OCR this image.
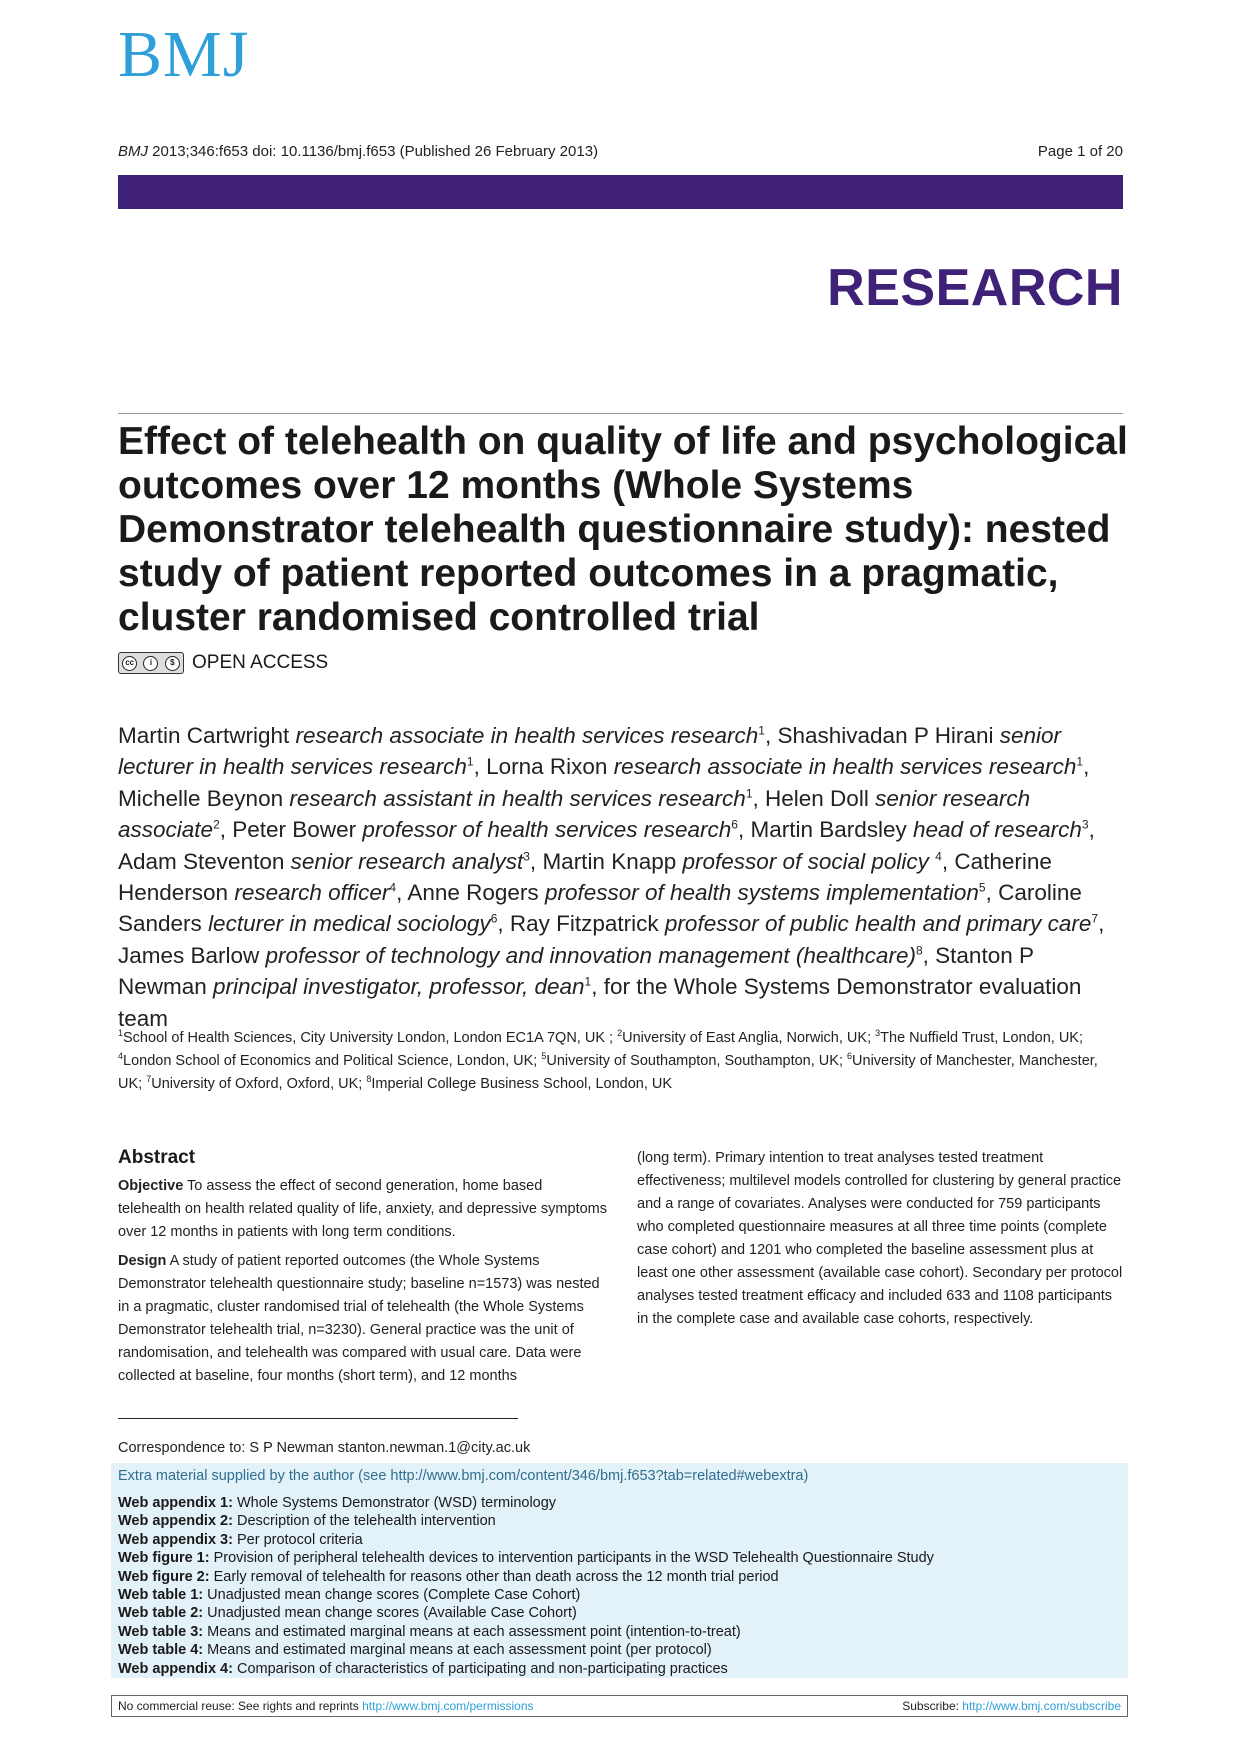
BMJ
BMJ 2013;346:f653 doi: 10.1136/bmj.f653 (Published 26 February 2013)	Page 1 of 20
RESEARCH
Effect of telehealth on quality of life and psychological outcomes over 12 months (Whole Systems Demonstrator telehealth questionnaire study): nested study of patient reported outcomes in a pragmatic, cluster randomised controlled trial
cc	i	$ OPEN ACCESS
Martin Cartwright research associate in health services research$^1$, Shashivadan P Hirani senior lecturer in health services research$^1$, Lorna Rixon research associate in health services research$^1$, Michelle Beynon research assistant in health services research$^1$, Helen Doll senior research associate$^2$, Peter Bower professor of health services research$^6$, Martin Bardsley head of research$^3$, Adam Steventon senior research analyst$^3$, Martin Knapp professor of social policy $^4$, Catherine Henderson research officer$^4$, Anne Rogers professor of health systems implementation$^5$, Caroline Sanders lecturer in medical sociology$^6$, Ray Fitzpatrick professor of public health and primary care$^7$, James Barlow professor of technology and innovation management (healthcare)$^8$, Stanton P Newman principal investigator, professor, dean$^1$, for the Whole Systems Demonstrator evaluation team
$^1$School of Health Sciences, City University London, London EC1A 7QN, UK ; $^2$University of East Anglia, Norwich, UK; $^3$The Nuffield Trust, London, UK; $^4$London School of Economics and Political Science, London, UK; $^5$University of Southampton, Southampton, UK; $^6$University of Manchester, Manchester, UK; $^7$University of Oxford, Oxford, UK; $^8$Imperial College Business School, London, UK
Abstract

Objective To assess the effect of second generation, home based telehealth on health related quality of life, anxiety, and depressive symptoms over 12 months in patients with long term conditions.

Design A study of patient reported outcomes (the Whole Systems Demonstrator telehealth questionnaire study; baseline n=1573) was nested in a pragmatic, cluster randomised trial of telehealth (the Whole Systems Demonstrator telehealth trial, n=3230). General practice was the unit of randomisation, and telehealth was compared with usual care. Data were collected at baseline, four months (short term), and 12 months

(long term). Primary intention to treat analyses tested treatment effectiveness; multilevel models controlled for clustering by general practice and a range of covariates. Analyses were conducted for 759 participants who completed questionnaire measures at all three time points (complete case cohort) and 1201 who completed the baseline assessment plus at least one other assessment (available case cohort). Secondary per protocol analyses tested treatment efficacy and included 633 and 1108 participants in the complete case and available case cohorts, respectively.

Correspondence to: S P Newman stanton.newman.1@city.ac.uk
Extra material supplied by the author (see http://www.bmj.com/content/346/bmj.f653?tab=related#webextra)
Web appendix 1: Whole Systems Demonstrator (WSD) terminology
Web appendix 2: Description of the telehealth intervention
Web appendix 3: Per protocol criteria
Web figure 1: Provision of peripheral telehealth devices to intervention participants in the WSD Telehealth Questionnaire Study
Web figure 2: Early removal of telehealth for reasons other than death across the 12 month trial period
Web table 1: Unadjusted mean change scores (Complete Case Cohort)
Web table 2: Unadjusted mean change scores (Available Case Cohort)
Web table 3: Means and estimated marginal means at each assessment point (intention-to-treat)
Web table 4: Means and estimated marginal means at each assessment point (per protocol)
Web appendix 4: Comparison of characteristics of participating and non-participating practices
No commercial reuse: See rights and reprints http://www.bmj.com/permissions	Subscribe: http://www.bmj.com/subscribe
